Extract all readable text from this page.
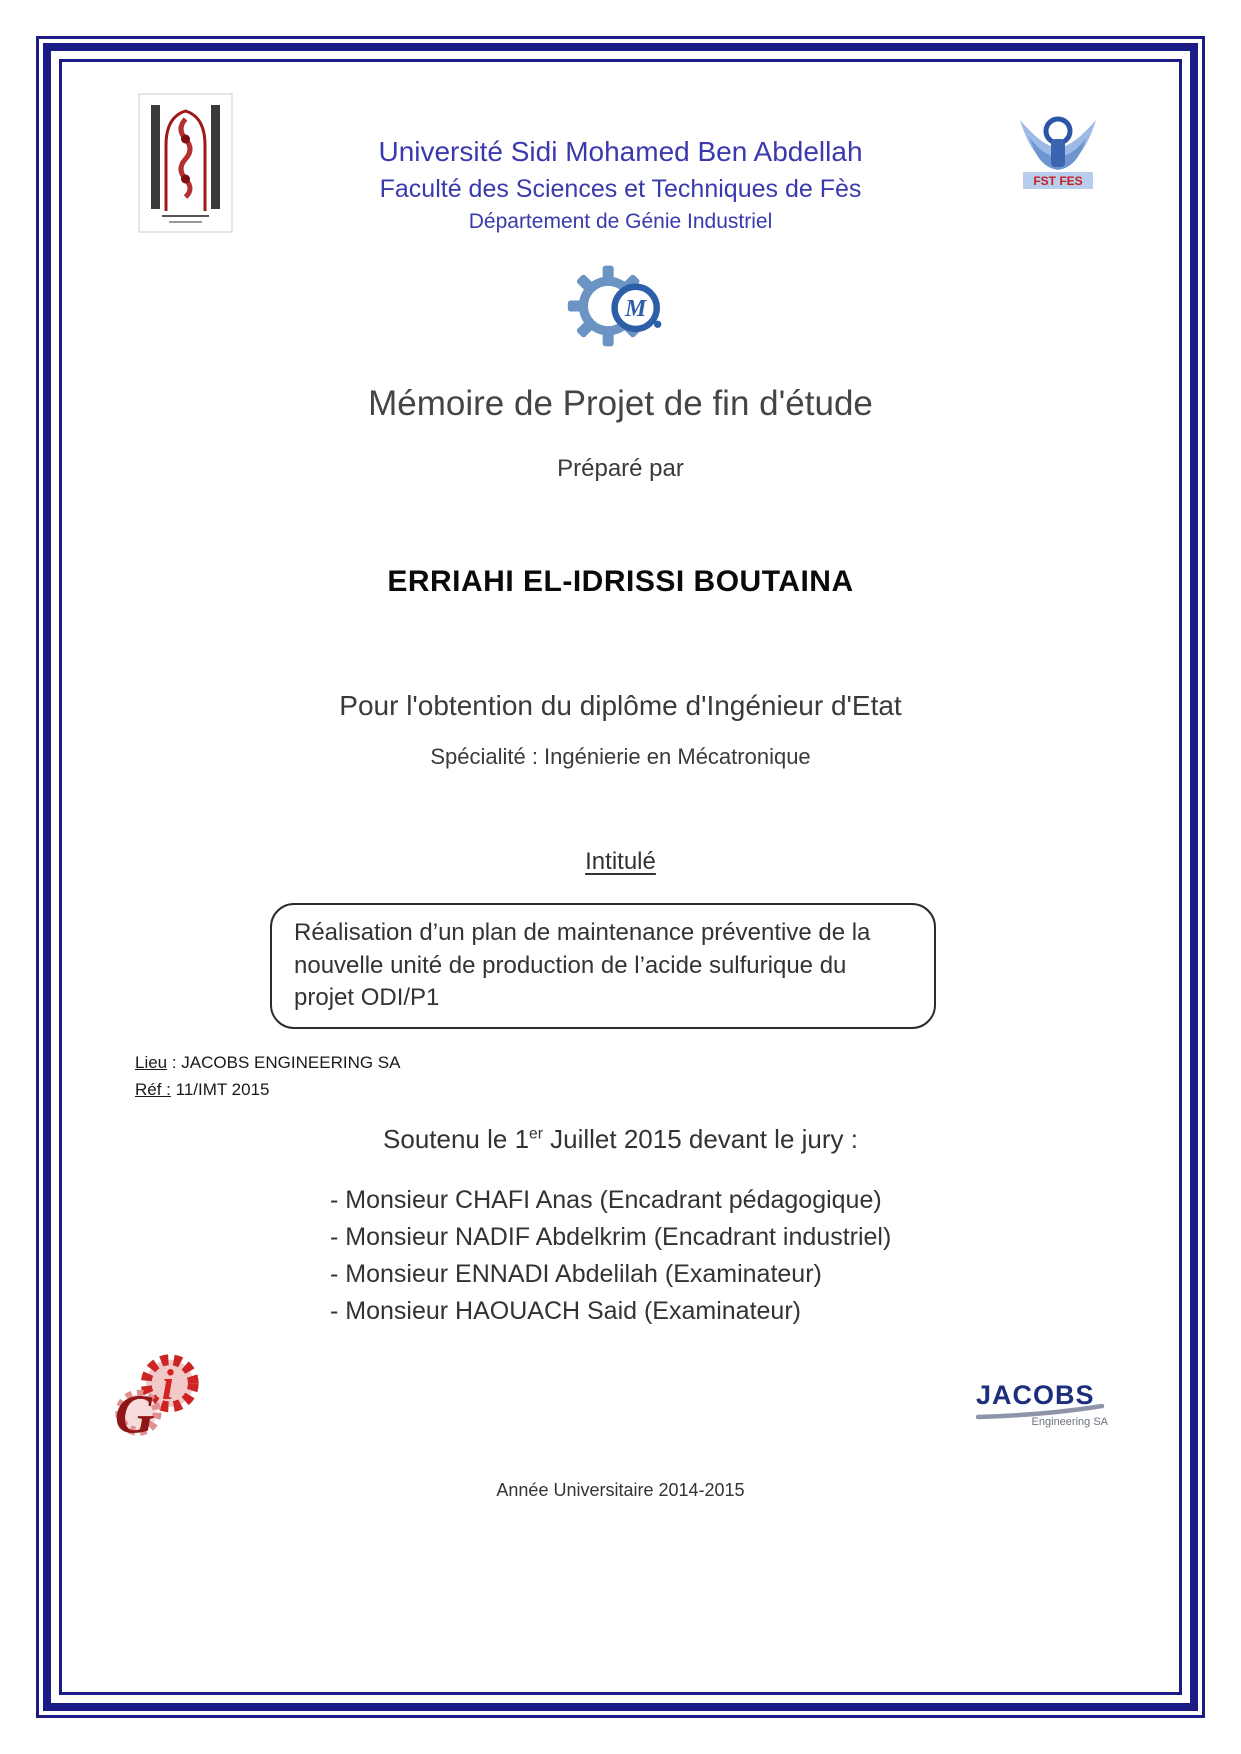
Université Sidi Mohamed Ben Abdellah
Faculté des Sciences et Techniques de Fès
Département de Génie Industriel
FST FES
M
Mémoire de Projet de fin d'étude
Préparé par
ERRIAHI EL-IDRISSI BOUTAINA
Pour l'obtention du diplôme d'Ingénieur d'Etat
Spécialité : Ingénierie en Mécatronique
Intitulé
Réalisation d’un plan de maintenance préventive de la nouvelle unité de production de l’acide sulfurique du projet ODI/P1
Lieu : JACOBS ENGINEERING SA
Réf : 11/IMT 2015
Soutenu le 1er Juillet 2015 devant le jury :
- Monsieur CHAFI Anas (Encadrant pédagogique)
- Monsieur NADIF Abdelkrim (Encadrant industriel)
- Monsieur ENNADI Abdelilah (Examinateur)
- Monsieur HAOUACH Said (Examinateur)
G i	JACOBS
Engineering SA
Année Universitaire 2014-2015
